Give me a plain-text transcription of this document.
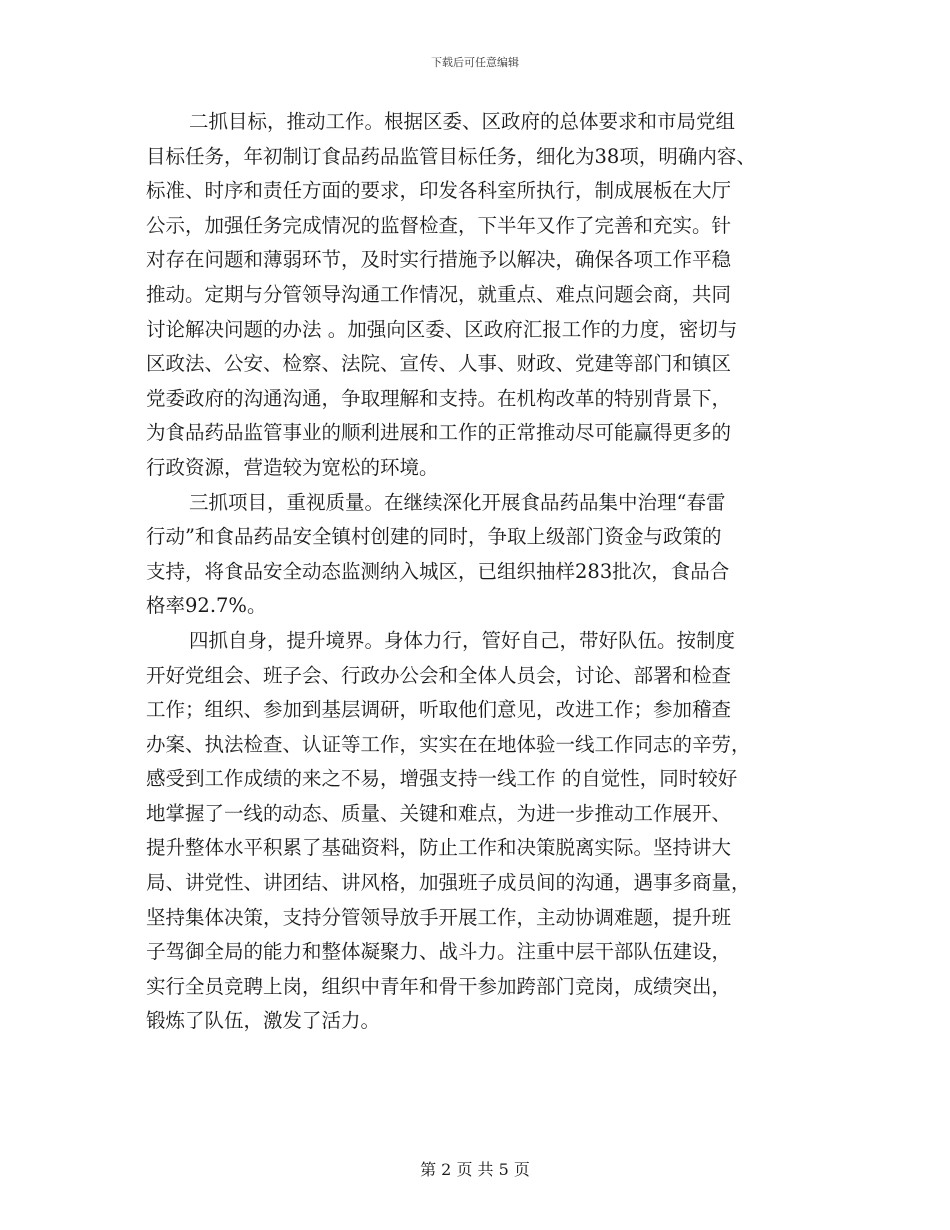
下载后可任意编辑
二抓目标，推动工作。根据区委、区政府的总体要求和市局党组
目标任务，年初制订食品药品监管目标任务，细化为38项，明确内容、
标准、时序和责任方面的要求，印发各科室所执行，制成展板在大厅
公示，加强任务完成情况的监督检查，下半年又作了完善和充实。针
对存在问题和薄弱环节，及时实行措施予以解决，确保各项工作平稳
推动。定期与分管领导沟通工作情况，就重点、难点问题会商，共同
讨论解决问题的办法 。加强向区委、区政府汇报工作的力度，密切与
区政法、公安、检察、法院、宣传、人事、财政、党建等部门和镇区
党委政府的沟通沟通，争取理解和支持。在机构改革的特别背景下，
为食品药品监管事业的顺利进展和工作的正常推动尽可能赢得更多的
行政资源，营造较为宽松的环境。
三抓项目，重视质量。在继续深化开展食品药品集中治理“春雷
行动”和食品药品安全镇村创建的同时，争取上级部门资金与政策的
支持，将食品安全动态监测纳入城区，已组织抽样283批次，食品合
格率92.7%。
四抓自身，提升境界。身体力行，管好自己，带好队伍。按制度
开好党组会、班子会、行政办公会和全体人员会，讨论、部署和检查
工作；组织、参加到基层调研，听取他们意见，改进工作；参加稽查
办案、执法检查、认证等工作，实实在在地体验一线工作同志的辛劳，
感受到工作成绩的来之不易，增强支持一线工作 的自觉性，同时较好
地掌握了一线的动态、质量、关键和难点，为进一步推动工作展开、
提升整体水平积累了基础资料，防止工作和决策脱离实际。坚持讲大
局、讲党性、讲团结、讲风格，加强班子成员间的沟通，遇事多商量，
坚持集体决策，支持分管领导放手开展工作，主动协调难题，提升班
子驾御全局的能力和整体凝聚力、战斗力。注重中层干部队伍建设，
实行全员竞聘上岗，组织中青年和骨干参加跨部门竞岗，成绩突出，
锻炼了队伍，激发了活力。
第 2 页 共 5 页
